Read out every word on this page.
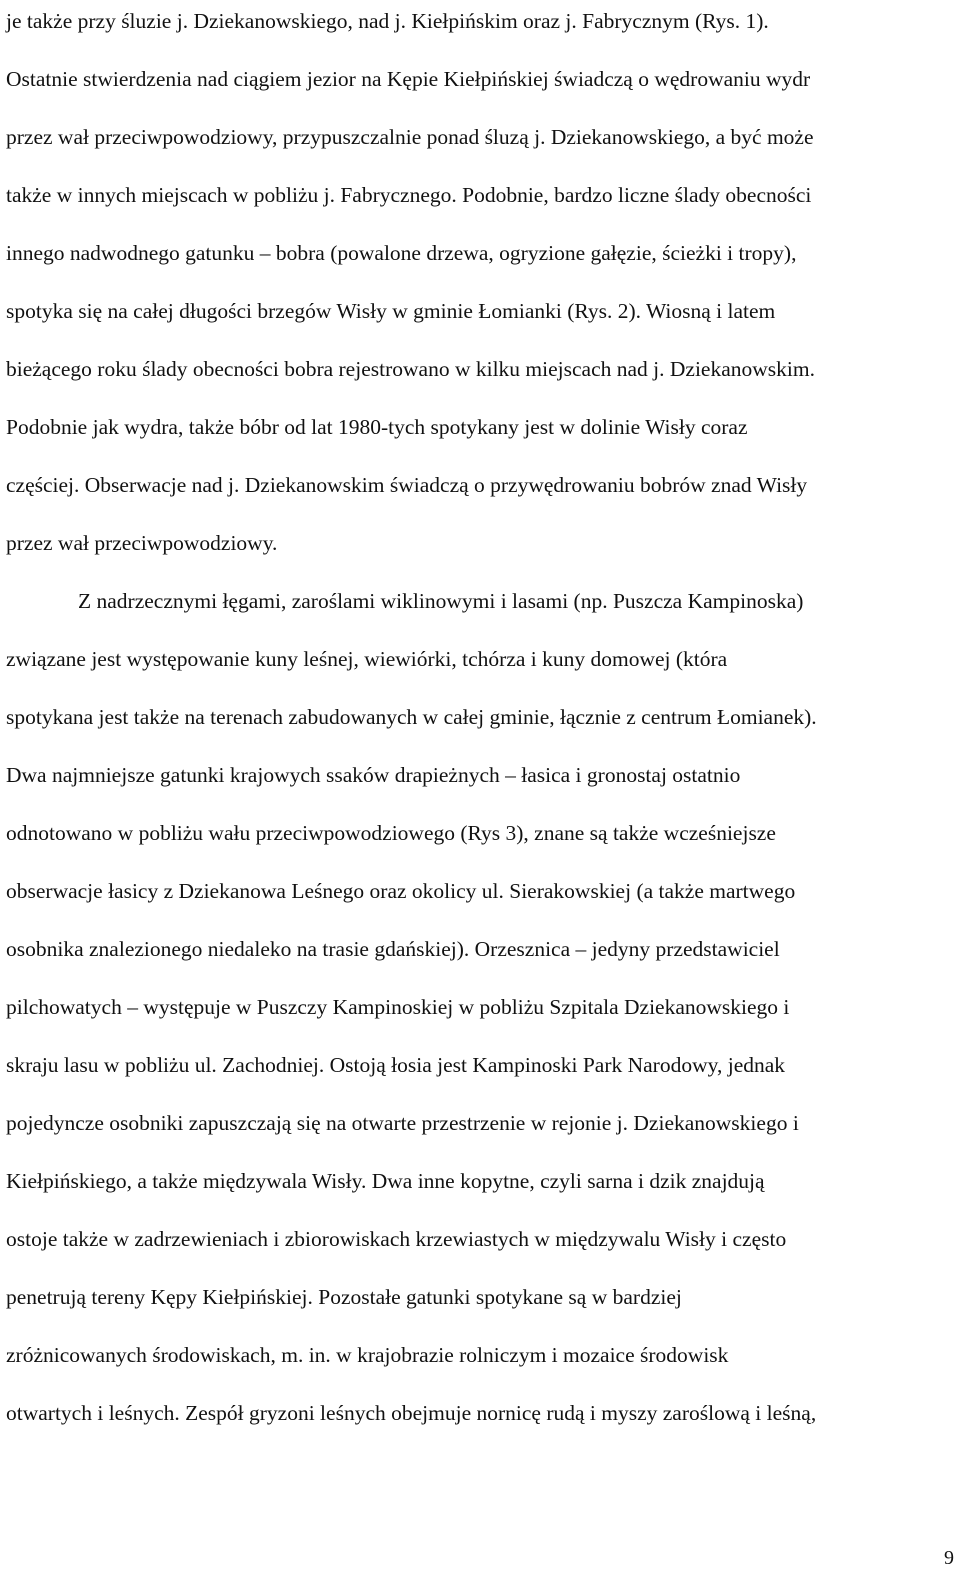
je także przy śluzie j. Dziekanowskiego, nad j. Kiełpińskim oraz j. Fabrycznym (Rys. 1).
Ostatnie stwierdzenia nad ciągiem jezior na Kępie Kiełpińskiej świadczą o wędrowaniu wydr
przez wał przeciwpowodziowy, przypuszczalnie ponad śluzą j. Dziekanowskiego, a być może
także w innych miejscach w pobliżu j. Fabrycznego. Podobnie, bardzo liczne ślady obecności
innego nadwodnego gatunku – bobra (powalone drzewa, ogryzione gałęzie, ścieżki i tropy),
spotyka się na całej długości brzegów Wisły w gminie Łomianki (Rys. 2). Wiosną i latem
bieżącego roku ślady obecności bobra rejestrowano w kilku miejscach nad j. Dziekanowskim.
Podobnie jak wydra, także bóbr od lat 1980-tych spotykany jest w dolinie Wisły coraz
częściej. Obserwacje nad j. Dziekanowskim świadczą o przywędrowaniu bobrów znad Wisły
przez wał przeciwpowodziowy.
Z nadrzecznymi łęgami, zaroślami wiklinowymi i lasami (np. Puszcza Kampinoska)
związane jest występowanie kuny leśnej, wiewiórki, tchórza i kuny domowej (która
spotykana jest także na terenach zabudowanych w całej gminie, łącznie z centrum Łomianek).
Dwa najmniejsze gatunki krajowych ssaków drapieżnych – łasica i gronostaj ostatnio
odnotowano w pobliżu wału przeciwpowodziowego (Rys 3), znane są także wcześniejsze
obserwacje łasicy z Dziekanowa Leśnego oraz okolicy ul. Sierakowskiej (a także martwego
osobnika znalezionego niedaleko na trasie gdańskiej). Orzesznica – jedyny przedstawiciel
pilchowatych – występuje w Puszczy Kampinoskiej w pobliżu Szpitala Dziekanowskiego i
skraju lasu w pobliżu ul. Zachodniej. Ostoją łosia jest Kampinoski Park Narodowy, jednak
pojedyncze osobniki zapuszczają się na otwarte przestrzenie w rejonie j. Dziekanowskiego i
Kiełpińskiego, a także międzywala Wisły. Dwa inne kopytne, czyli sarna i dzik znajdują
ostoje także w zadrzewieniach i zbiorowiskach krzewiastych w międzywalu Wisły i często
penetrują tereny Kępy Kiełpińskiej. Pozostałe gatunki spotykane są w bardziej
zróżnicowanych środowiskach, m. in. w krajobrazie rolniczym i mozaice środowisk
otwartych i leśnych. Zespół gryzoni leśnych obejmuje nornicę rudą i myszy zaroślową i leśną,
9
